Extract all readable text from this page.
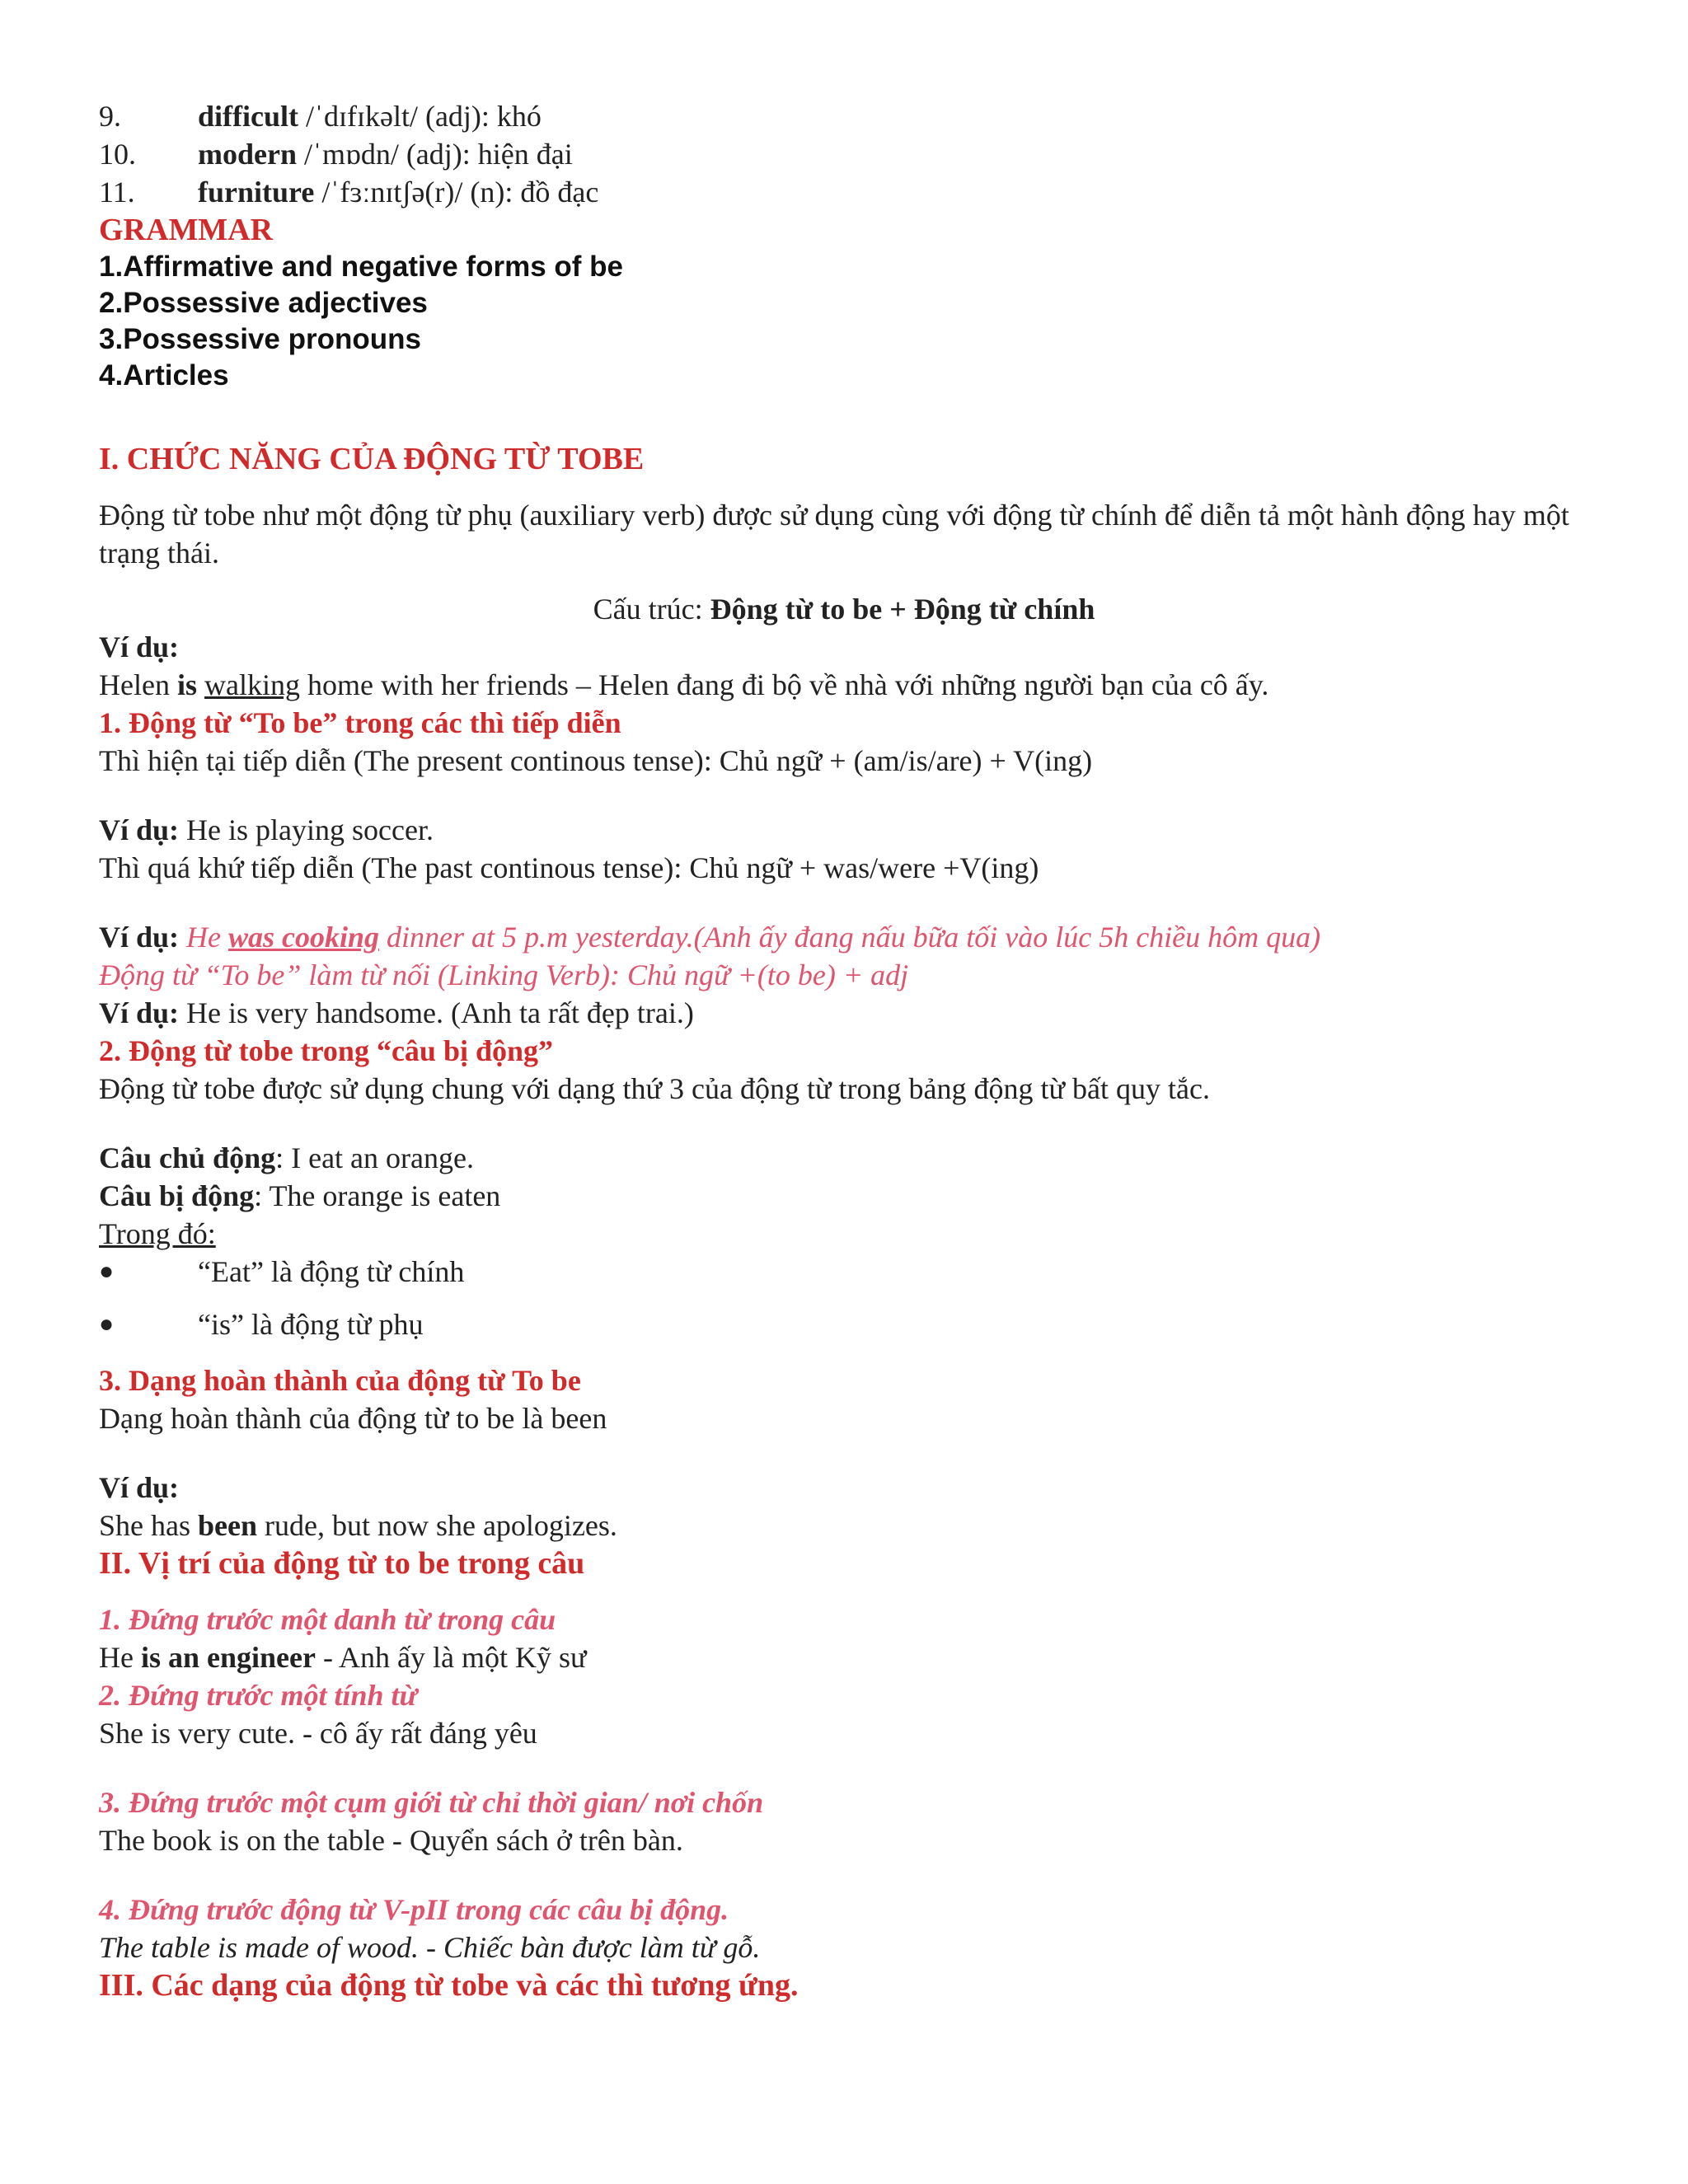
9.	difficult /ˈdɪfɪkəlt/ (adj): khó
10.	modern /ˈmɒdn/ (adj): hiện đại
11.	furniture /ˈfɜːnɪtʃə(r)/ (n): đồ đạc

GRAMMAR

1.Affirmative and negative forms of be

2.Possessive adjectives

3.Possessive pronouns

4.Articles

I. CHỨC NĂNG CỦA ĐỘNG TỪ TOBE

Động từ tobe như một động từ phụ (auxiliary verb) được sử dụng cùng với động từ chính để diễn tả một hành động hay một trạng thái.

Cấu trúc: Động từ to be + Động từ chính

Ví dụ:

Helen is walking home with her friends – Helen đang đi bộ về nhà với những người bạn của cô ấy.

1. Động từ “To be” trong các thì tiếp diễn

Thì hiện tại tiếp diễn (The present continous tense): Chủ ngữ + (am/is/are) + V(ing)

Ví dụ: He is playing soccer.

Thì quá khứ tiếp diễn (The past continous tense): Chủ ngữ + was/were +V(ing)

Ví dụ: He was cooking dinner at 5 p.m yesterday.(Anh ấy đang nấu bữa tối vào lúc 5h chiều hôm qua)

Động từ “To be” làm từ nối (Linking Verb): Chủ ngữ +(to be) + adj

Ví dụ: He is very handsome. (Anh ta rất đẹp trai.)

2. Động từ tobe trong “câu bị động”

Động từ tobe được sử dụng chung với dạng thứ 3 của động từ trong bảng động từ bất quy tắc.

Câu chủ động: I eat an orange.

Câu bị động: The orange is eaten

Trong đó:

●	“Eat” là động từ chính
●	“is” là động từ phụ

3. Dạng hoàn thành của động từ To be

Dạng hoàn thành của động từ to be là been

Ví dụ:

She has been rude, but now she apologizes.

II. Vị trí của động từ to be trong câu

1. Đứng trước một danh từ trong câu

He is an engineer - Anh ấy là một Kỹ sư

2. Đứng trước một tính từ

She is very cute. - cô ấy rất đáng yêu

3. Đứng trước một cụm giới từ chỉ thời gian/ nơi chốn

The book is on the table - Quyển sách ở trên bàn.

4. Đứng trước động từ V-pII trong các câu bị động.

The table is made of wood. - Chiếc bàn được làm từ gỗ.

III. Các dạng của động từ tobe và các thì tương ứng.
